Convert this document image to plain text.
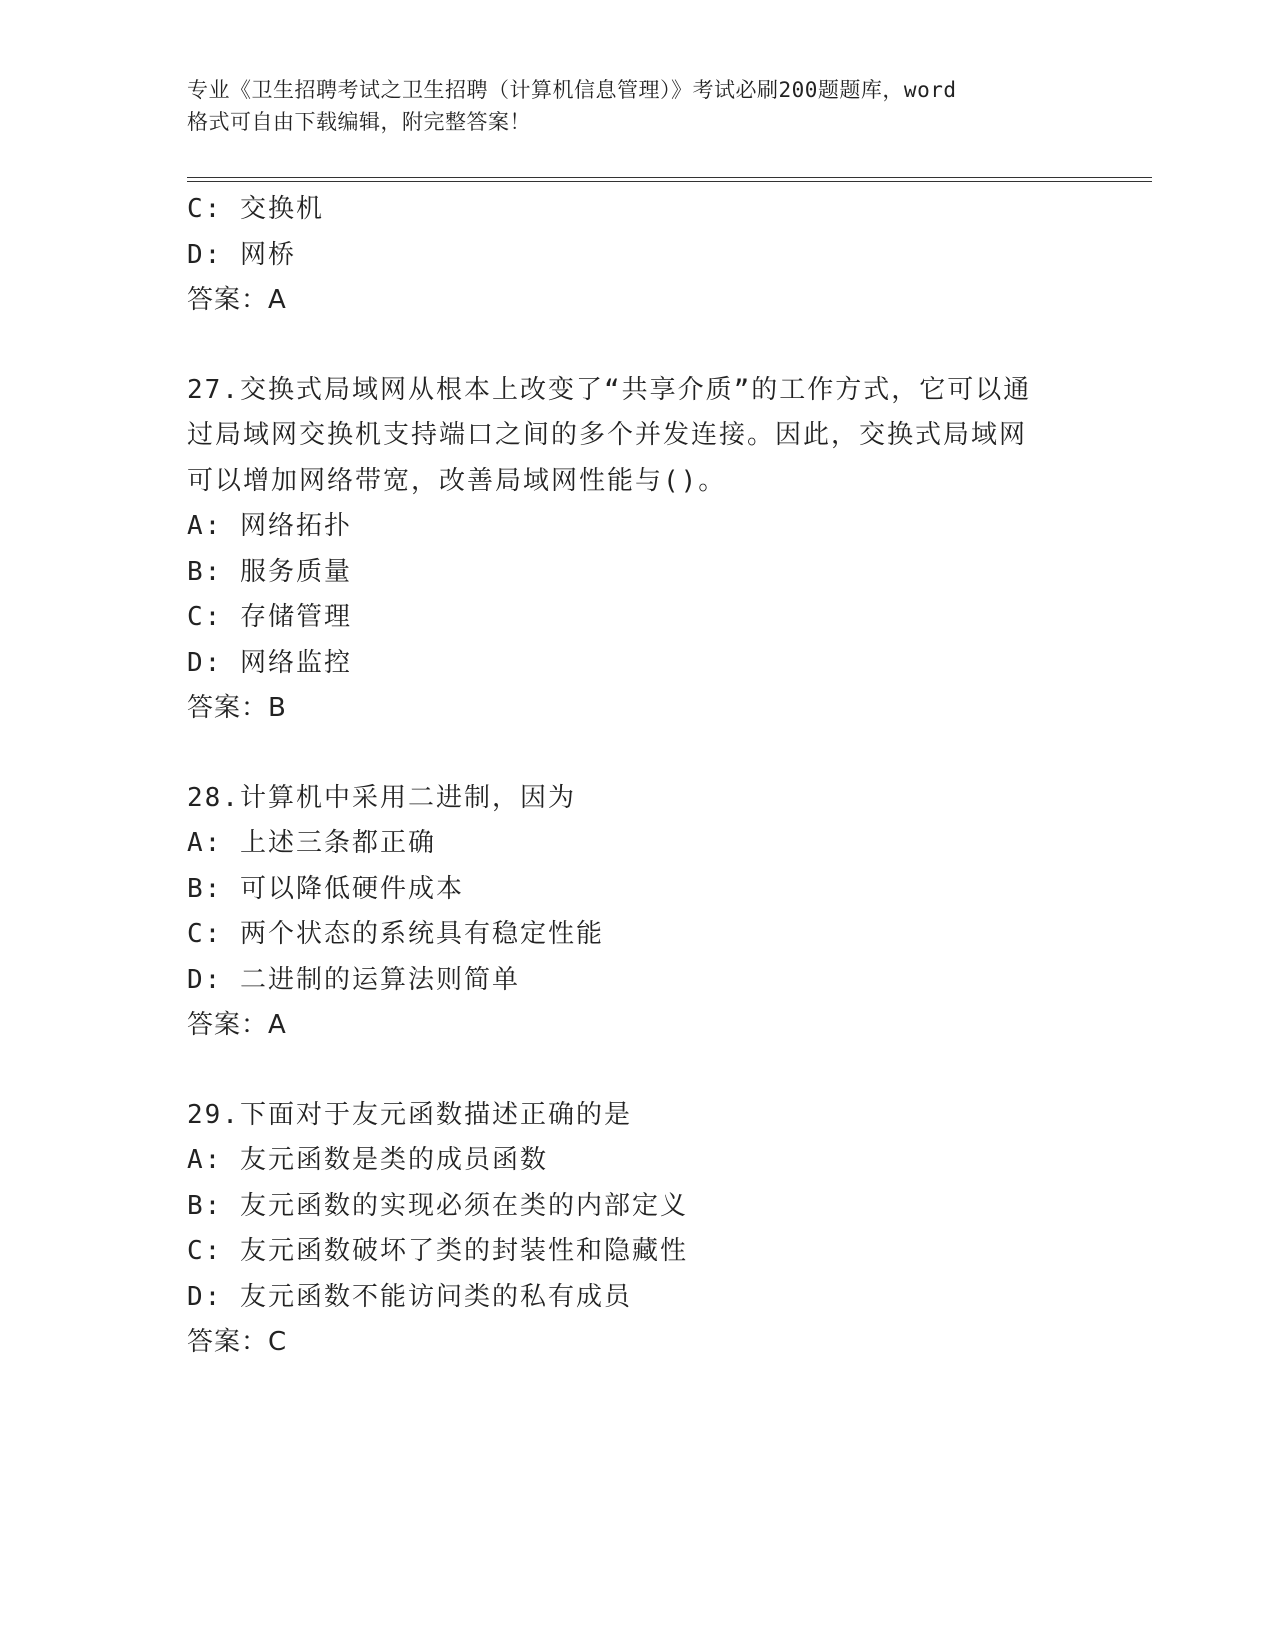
专业《卫生招聘考试之卫生招聘（计算机信息管理）》考试必刷200题题库，word

格式可自由下载编辑，附完整答案！

C: 交换机
D: 网桥
答案：A
27.交换式局域网从根本上改变了“共享介质”的工作方式，它可以通
过局域网交换机支持端口之间的多个并发连接。因此，交换式局域网
可以增加网络带宽，改善局域网性能与()。
A: 网络拓扑
B: 服务质量
C: 存储管理
D: 网络监控
答案：B
28.计算机中采用二进制，因为
A: 上述三条都正确
B: 可以降低硬件成本
C: 两个状态的系统具有稳定性能
D: 二进制的运算法则简单
答案：A
29.下面对于友元函数描述正确的是
A: 友元函数是类的成员函数
B: 友元函数的实现必须在类的内部定义
C: 友元函数破坏了类的封装性和隐藏性
D: 友元函数不能访问类的私有成员
答案：C
